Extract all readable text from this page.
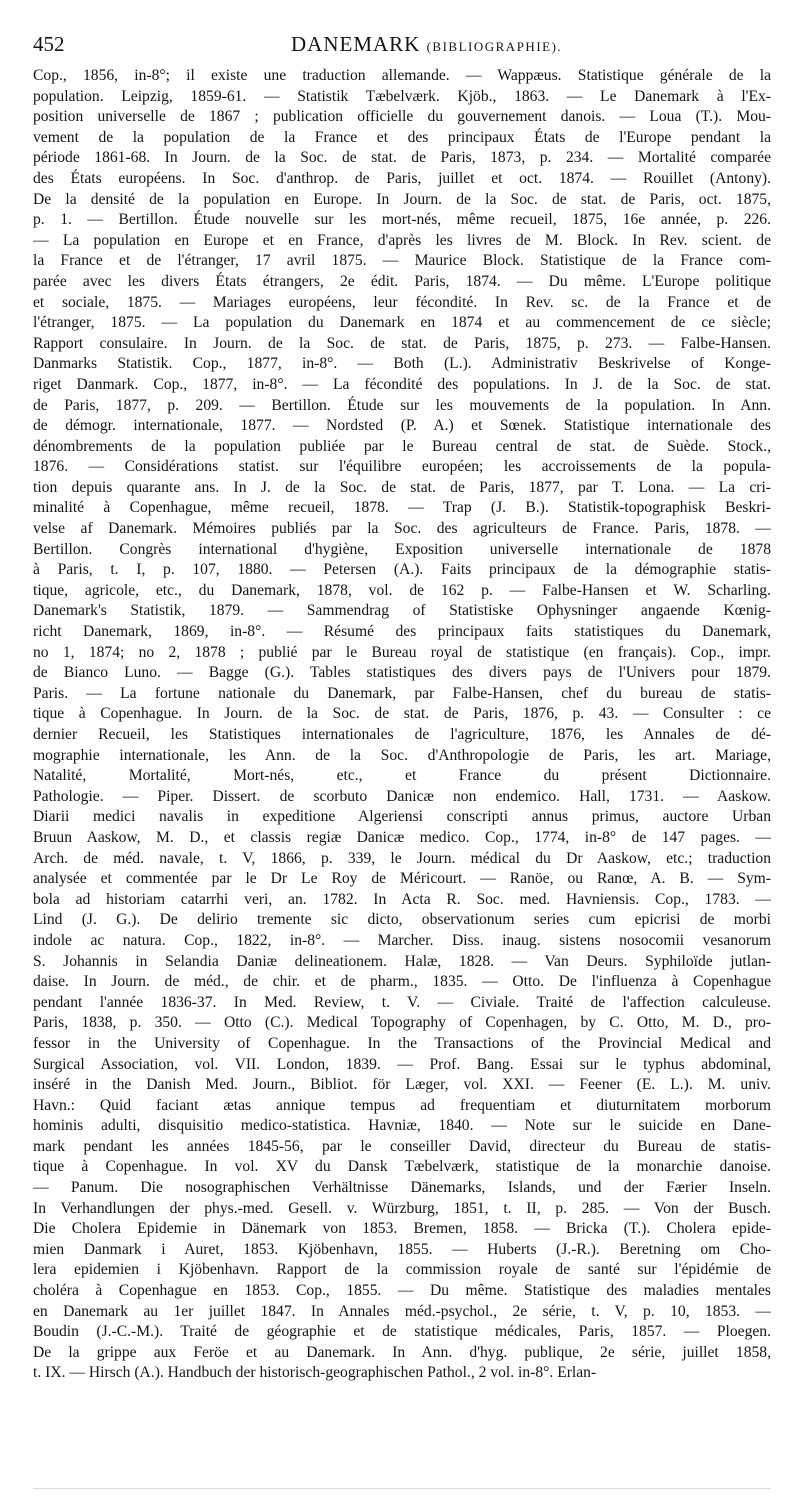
452	DANEMARK (BIBLIOGRAPHIE).
Cop., 1856, in-8°; il existe une traduction allemande. — Wappæus. Statistique générale de la
population. Leipzig, 1859-61. — Statistik Tæbelværk. Kjöb., 1863. — Le Danemark à l'Ex-
position universelle de 1867 ; publication officielle du gouvernement danois. — Loua (T.). Mou-
vement de la population de la France et des principaux États de l'Europe pendant la
période 1861-68. In Journ. de la Soc. de stat. de Paris, 1873, p. 234. — Mortalité comparée
des États européens. In Soc. d'anthrop. de Paris, juillet et oct. 1874. — Rouillet (Antony).
De la densité de la population en Europe. In Journ. de la Soc. de stat. de Paris, oct. 1875,
p. 1. — Bertillon. Étude nouvelle sur les mort-nés, même recueil, 1875, 16e année, p. 226.
— La population en Europe et en France, d'après les livres de M. Block. In Rev. scient. de
la France et de l'étranger, 17 avril 1875. — Maurice Block. Statistique de la France com-
parée avec les divers États étrangers, 2e édit. Paris, 1874. — Du même. L'Europe politique
et sociale, 1875. — Mariages européens, leur fécondité. In Rev. sc. de la France et de
l'étranger, 1875. — La population du Danemark en 1874 et au commencement de ce siècle;
Rapport consulaire. In Journ. de la Soc. de stat. de Paris, 1875, p. 273. — Falbe-Hansen.
Danmarks Statistik. Cop., 1877, in-8°. — Both (L.). Administrativ Beskrivelse of Konge-
riget Danmark. Cop., 1877, in-8°. — La fécondité des populations. In J. de la Soc. de stat.
de Paris, 1877, p. 209. — Bertillon. Étude sur les mouvements de la population. In Ann.
de démogr. internationale, 1877. — Nordsted (P. A.) et Sœnek. Statistique internationale des
dénombrements de la population publiée par le Bureau central de stat. de Suède. Stock.,
1876. — Considérations statist. sur l'équilibre européen; les accroissements de la popula-
tion depuis quarante ans. In J. de la Soc. de stat. de Paris, 1877, par T. Lona. — La cri-
minalité à Copenhague, même recueil, 1878. — Trap (J. B.). Statistik-topographisk Beskri-
velse af Danemark. Mémoires publiés par la Soc. des agriculteurs de France. Paris, 1878. —
Bertillon. Congrès international d'hygiène, Exposition universelle internationale de 1878
à Paris, t. I, p. 107, 1880. — Petersen (A.). Faits principaux de la démographie statis-
tique, agricole, etc., du Danemark, 1878, vol. de 162 p. — Falbe-Hansen et W. Scharling.
Danemark's Statistik, 1879. — Sammendrag of Statistiske Ophysninger angaende Kœnig-
richt Danemark, 1869, in-8°. — Résumé des principaux faits statistiques du Danemark,
no 1, 1874; no 2, 1878 ; publié par le Bureau royal de statistique (en français). Cop., impr.
de Bianco Luno. — Bagge (G.). Tables statistiques des divers pays de l'Univers pour 1879.
Paris. — La fortune nationale du Danemark, par Falbe-Hansen, chef du bureau de statis-
tique à Copenhague. In Journ. de la Soc. de stat. de Paris, 1876, p. 43. — Consulter : ce
dernier Recueil, les Statistiques internationales de l'agriculture, 1876, les Annales de dé-
mographie internationale, les Ann. de la Soc. d'Anthropologie de Paris, les art. Mariage,
Natalité, Mortalité, Mort-nés, etc., et France du présent Dictionnaire.
Pathologie. — Piper. Dissert. de scorbuto Danicæ non endemico. Hall, 1731. — Aaskow.
Diarii medici navalis in expeditione Algeriensi conscripti annus primus, auctore Urban
Bruun Aaskow, M. D., et classis regiæ Danicæ medico. Cop., 1774, in-8° de 147 pages. —
Arch. de méd. navale, t. V, 1866, p. 339, le Journ. médical du Dr Aaskow, etc.; traduction
analysée et commentée par le Dr Le Roy de Méricourt. — Ranöe, ou Ranœ, A. B. — Sym-
bola ad historiam catarrhi veri, an. 1782. In Acta R. Soc. med. Havniensis. Cop., 1783. —
Lind (J. G.). De delirio tremente sic dicto, observationum series cum epicrisi de morbi
indole ac natura. Cop., 1822, in-8°. — Marcher. Diss. inaug. sistens nosocomii vesanorum
S. Johannis in Selandia Daniæ delineationem. Halæ, 1828. — Van Deurs. Syphiloïde jutlan-
daise. In Journ. de méd., de chir. et de pharm., 1835. — Otto. De l'influenza à Copenhague
pendant l'année 1836-37. In Med. Review, t. V. — Civiale. Traité de l'affection calculeuse.
Paris, 1838, p. 350. — Otto (C.). Medical Topography of Copenhagen, by C. Otto, M. D., pro-
fessor in the University of Copenhague. In the Transactions of the Provincial Medical and
Surgical Association, vol. VII. London, 1839. — Prof. Bang. Essai sur le typhus abdominal,
inséré in the Danish Med. Journ., Bibliot. för Læger, vol. XXI. — Feener (E. L.). M. univ.
Havn.: Quid faciant ætas annique tempus ad frequentiam et diuturnitatem morborum
hominis adulti, disquisitio medico-statistica. Havniæ, 1840. — Note sur le suicide en Dane-
mark pendant les années 1845-56, par le conseiller David, directeur du Bureau de statis-
tique à Copenhague. In vol. XV du Dansk Tæbelværk, statistique de la monarchie danoise.
— Panum. Die nosographischen Verhältnisse Dänemarks, Islands, und der Færier Inseln.
In Verhandlungen der phys.-med. Gesell. v. Würzburg, 1851, t. II, p. 285. — Von der Busch.
Die Cholera Epidemie in Dänemark von 1853. Bremen, 1858. — Bricka (T.). Cholera epide-
mien Danmark i Auret, 1853. Kjöbenhavn, 1855. — Huberts (J.-R.). Beretning om Cho-
lera epidemien i Kjöbenhavn. Rapport de la commission royale de santé sur l'épidémie de
choléra à Copenhague en 1853. Cop., 1855. — Du même. Statistique des maladies mentales
en Danemark au 1er juillet 1847. In Annales méd.-psychol., 2e série, t. V, p. 10, 1853. —
Boudin (J.-C.-M.). Traité de géographie et de statistique médicales, Paris, 1857. — Ploegen.
De la grippe aux Feröe et au Danemark. In Ann. d'hyg. publique, 2e série, juillet 1858,
t. IX. — Hirsch (A.). Handbuch der historisch-geographischen Pathol., 2 vol. in-8°. Erlan-
